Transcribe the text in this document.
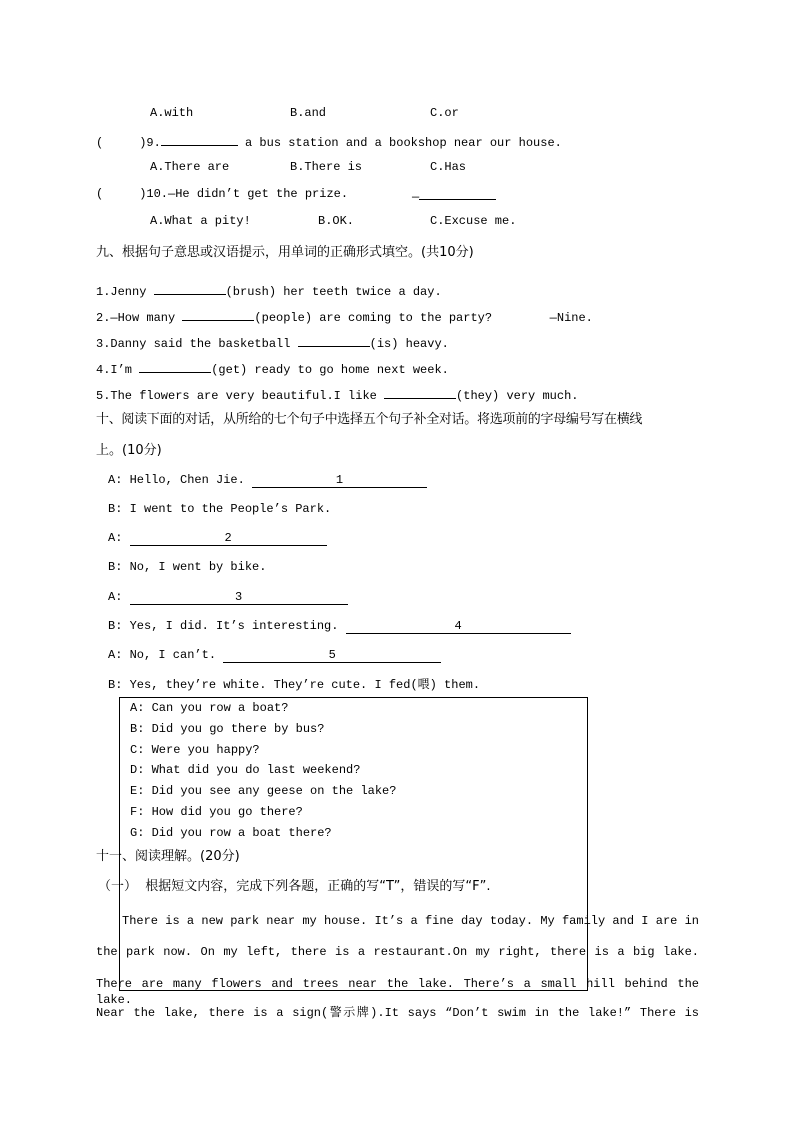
A.with	B.and	C.or
(     )9.	a bus station and a bookshop near our house.
A.There are	B.There is	C.Has
(     )10.—He didn’t get the prize.	—
A.What a pity!	B.OK.	C.Excuse me.
九、根据句子意思或汉语提示，用单词的正确形式填空。(共10分)
1.Jenny	(brush) her teeth twice a day.
2.—How many	(people) are coming to the party?        —Nine.
3.Danny said the basketball	(is) heavy.
4.I’m	(get) ready to go home next week.
5.The flowers are very beautiful.I like	(they) very much.
十、阅读下面的对话，从所给的七个句子中选择五个句子补全对话。将选项前的字母编号写在横线
上。(10分)
A: Hello, Chen Jie.	1
B: I went to the People’s Park.
A:	2
B: No, I went by bike.
A:	3
B: Yes, I did. It’s interesting.	4
A: No, I can’t.	5
B: Yes, they’re white. They’re cute. I fed(喂) them.
A: Can you row a boat?
B: Did you go there by bus?
C: Were you happy?
D: What did you do last weekend?
E: Did you see any geese on the lake?
F: How did you go there?
G: Did you row a boat there?
十一、阅读理解。(20分)
（一）  根据短文内容，完成下列各题，正确的写“T”，错误的写“F”.
There is a new park near my house. It’s a fine day today. My family and I are in
the park now. On my left, there is a restaurant.On my right, there is a big lake.
There are many flowers and trees near the lake. There’s a small hill behind the lake.
Near the lake, there is a sign(警示牌).It says “Don’t swim in the lake!” There is
